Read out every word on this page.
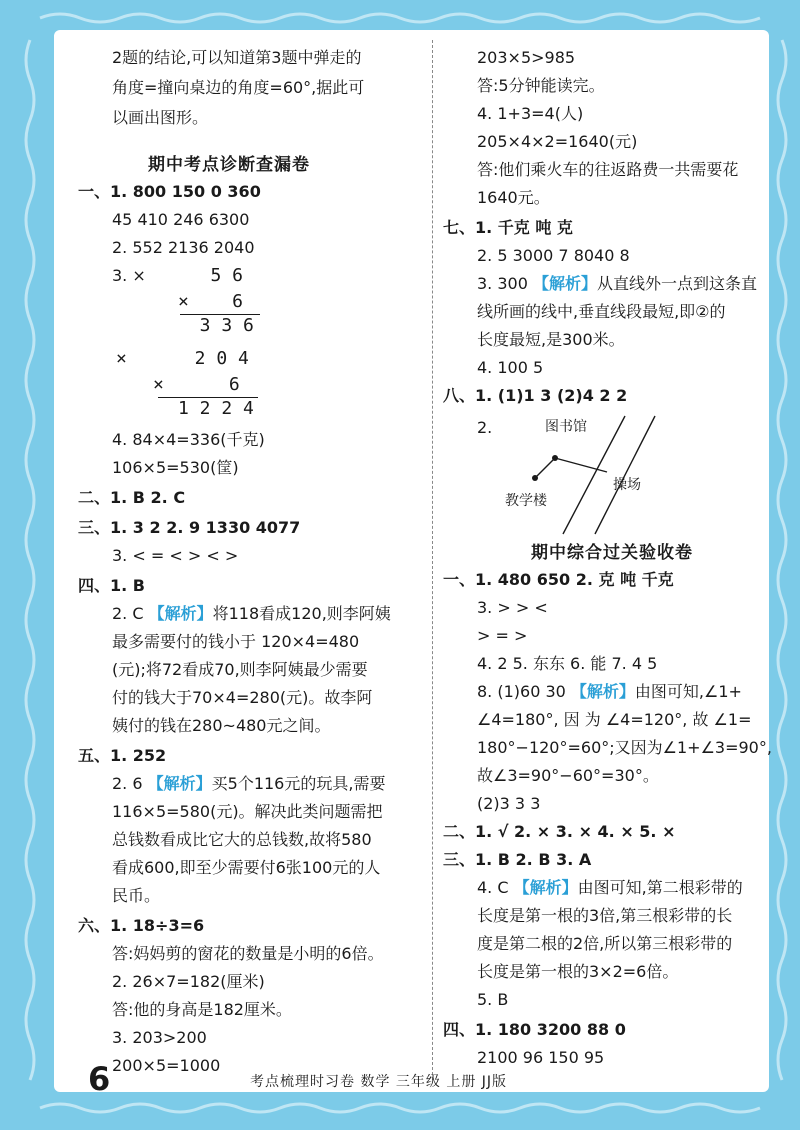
2题的结论,可以知道第3题中弹走的
角度=撞向桌边的角度=60°,据此可
以画出图形。
期中考点诊断查漏卷
一、1. 800 150 0 360
45 410 246 6300
2. 552 2136 2040
3. × 5 6
×    6
3 3 6
×	2 0 4
×      6
1 2 2 4
4. 84×4=336(千克)
106×5=530(筐)
二、1. B 2. C
三、1. 3 2 2. 9 1330 4077
3. < = < > < >
四、1. B
2. C 【解析】将118看成120,则李阿姨
最多需要付的钱小于 120×4=480
(元);将72看成70,则李阿姨最少需要
付的钱大于70×4=280(元)。故李阿
姨付的钱在280~480元之间。
五、1. 252
2. 6 【解析】买5个116元的玩具,需要
116×5=580(元)。解决此类问题需把
总钱数看成比它大的总钱数,故将580
看成600,即至少需要付6张100元的人
民币。
六、1. 18÷3=6
答:妈妈剪的窗花的数量是小明的6倍。
2. 26×7=182(厘米)
答:他的身高是182厘米。
3. 203>200
200×5=1000
203×5>985
答:5分钟能读完。
4. 1+3=4(人)
205×4×2=1640(元)
答:他们乘火车的往返路费一共需要花
1640元。
七、1. 千克 吨 克
2. 5 3000 7 8040 8
3. 300 【解析】从直线外一点到这条直
线所画的线中,垂直线段最短,即②的
长度最短,是300米。
4. 100 5
八、1. (1)1 3 (2)4 2 2
2.	图书馆
操场
教学楼
期中综合过关验收卷
一、1. 480 650 2. 克 吨 千克
3. > > <
> = >
4. 2 5. 东东 6. 能 7. 4 5
8. (1)60 30 【解析】由图可知,∠1+
∠4=180°, 因 为 ∠4=120°, 故 ∠1=
180°−120°=60°;又因为∠1+∠3=90°,
故∠3=90°−60°=30°。
(2)3 3 3
二、1. √ 2. × 3. × 4. × 5. ×
三、1. B 2. B 3. A
4. C 【解析】由图可知,第二根彩带的
长度是第一根的3倍,第三根彩带的长
度是第二根的2倍,所以第三根彩带的
长度是第一根的3×2=6倍。
5. B
四、1. 180 3200 88 0
2100 96 150 95
6	考点梳理时习卷 数学 三年级 上册 JJ版
